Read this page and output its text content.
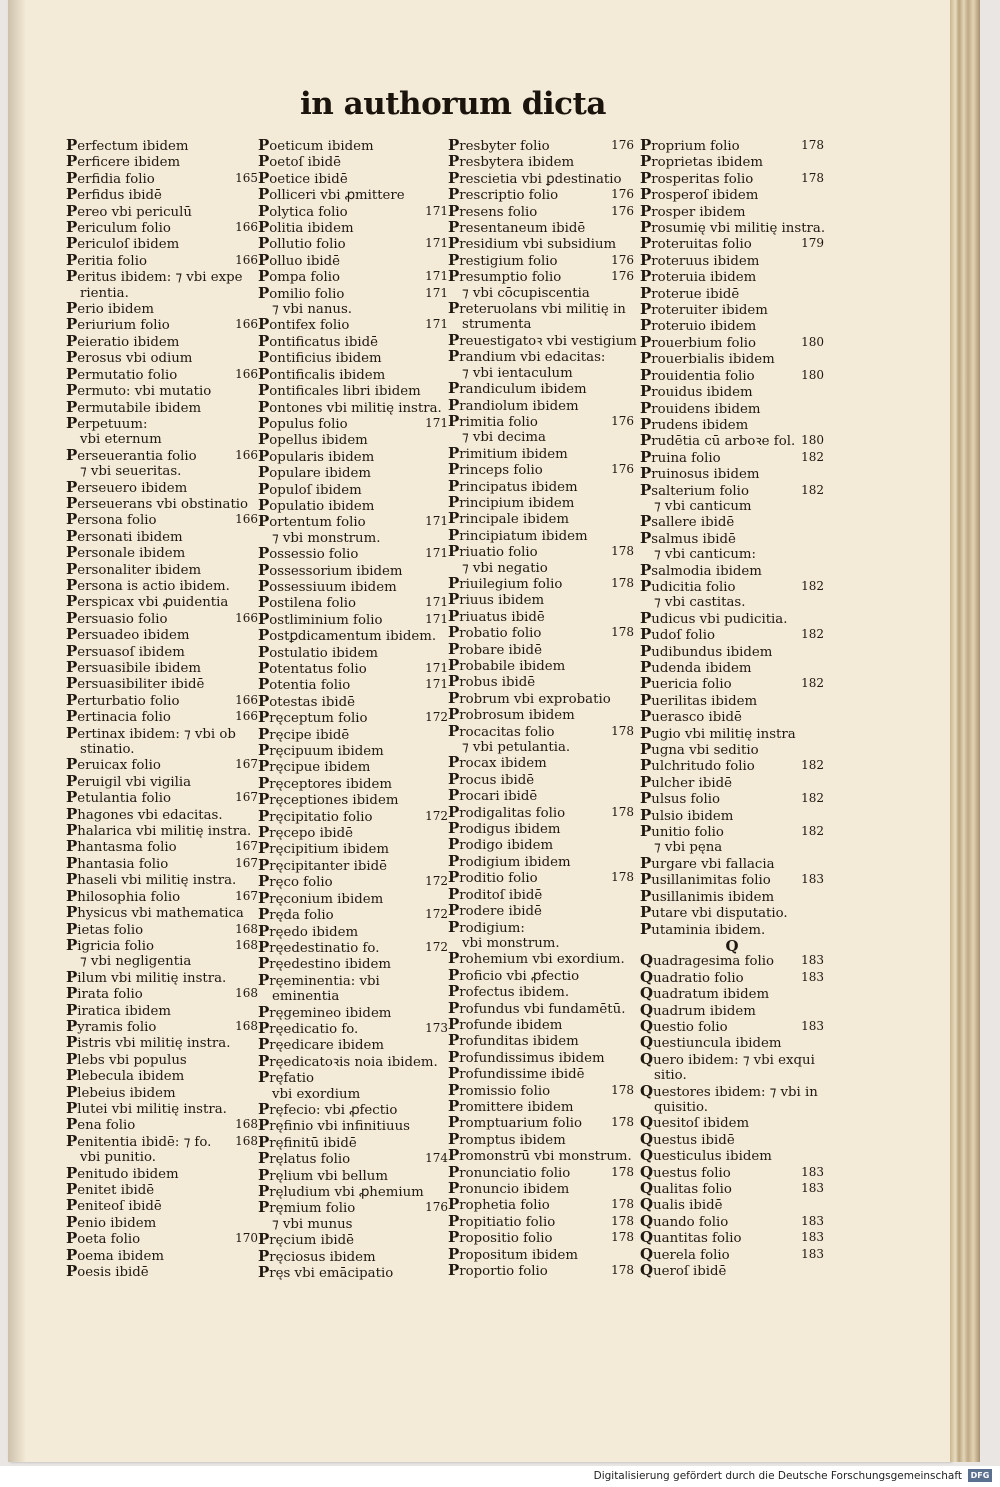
in authorum dicta
Perfectum ibidem
Perficere ibidem
Perfidia folio	165
Perfidus ibidē
Pereo vbi periculū
Periculum folio	166
Periculoſ ibidem
Peritia folio	166
Peritus ibidem: ⁊ vbi expe
rientia.
Perio ibidem
Periurium folio	166
Peieratio ibidem
Perosus vbi odium
Permutatio folio	166
Permuto: vbi mutatio
Permutabile ibidem
Perpetuum:
vbi eternum
Perseuerantia folio	166
⁊ vbi seueritas.
Perseuero ibidem
Perseuerans vbi obstinatio
Persona folio	166
Personati ibidem
Personale ibidem
Personaliter ibidem
Persona is actio ibidem.
Perspicax vbi ꝓuidentia
Persuasio folio	166
Persuadeo ibidem
Persuasoſ ibidem
Persuasibile ibidem
Persuasibiliter ibidē
Perturbatio folio	166
Pertinacia folio	166
Pertinax ibidem: ⁊ vbi ob
stinatio.
Peruicax folio	167
Peruigil vbi vigilia
Petulantia folio	167
Phagones vbi edacitas.
Phalarica vbi militię instra.
Phantasma folio	167
Phantasia folio	167
Phaseli vbi militię instra.
Philosophia folio	167
Physicus vbi mathematica
Pietas folio	168
Pigricia folio	168
⁊ vbi negligentia
Pilum vbi militię instra.
Pirata folio	168
Piratica ibidem
Pyramis folio	168
Pistris vbi militię instra.
Plebs vbi populus
Plebecula ibidem
Plebeius ibidem
Plutei vbi militię instra.
Pena folio	168
Penitentia ibidē: ⁊ fo. 168
vbi punitio.
Penitudo ibidem
Penitet ibidē
Peniteoſ ibidē
Penio ibidem
Poeta folio	170
Poema ibidem
Poesis ibidē
Poeticum ibidem
Poetoſ ibidē
Poetice ibidē
Polliceri vbi ꝓmittere
Polytica folio	171
Politia ibidem
Pollutio folio	171
Polluo ibidē
Pompa folio	171
Pomilio folio	171
⁊ vbi nanus.
Pontifex folio	171
Pontificatus ibidē
Pontificius ibidem
Pontificalis ibidem
Pontificales libri ibidem
Pontones vbi militię instra.
Populus folio	171
Popellus ibidem
Popularis ibidem
Populare ibidem
Populoſ ibidem
Populatio ibidem
Portentum folio	171
⁊ vbi monstrum.
Possessio folio	171
Possessorium ibidem
Possessiuum ibidem
Postilena folio	171
Postliminium folio	171
Postꝑdicamentum ibidem.
Postulatio ibidem
Potentatus folio	171
Potentia folio	171
Potestas ibidē
Pręceptum folio	172
Pręcipe ibidē
Pręcipuum ibidem
Pręcipue ibidem
Pręceptores ibidem
Pręceptiones ibidem
Pręcipitatio folio	172
Pręcepo ibidē
Pręcipitium ibidem
Pręcipitanter ibidē
Pręco folio	172
Pręconium ibidem
Pręda folio	172
Pręedo ibidem
Pręedestinatio fo.	172
Pręedestino ibidem
Pręeminentia: vbi
eminentia
Pręgemineo ibidem
Pręedicatio fo.	173
Pręedicare ibidem
Pręedicatoꝛis noia ibidem.
Pręfatio
vbi exordium
Pręfecio: vbi ꝓfectio
Pręfinio vbi infinitiuus
Pręfinitū ibidē
Pręlatus folio	174
Pręlium vbi bellum
Pręludium vbi ꝓhemium
Pręmium folio	176
⁊ vbi munus
Pręcium ibidē
Pręciosus ibidem
Pręs vbi emācipatio
Presbyter folio	176
Presbytera ibidem
Prescietia vbi ꝑdestinatio
Prescriptio folio	176
Presens folio	176
Presentaneum ibidē
Presidium vbi subsidium
Prestigium folio	176
Presumptio folio	176
⁊ vbi cōcupiscentia
Preteruolans vbi militię in
strumenta
Preuestigatoꝛ vbi vestigium
Prandium vbi edacitas:
⁊ vbi ientaculum
Prandiculum ibidem
Prandiolum ibidem
Primitia folio	176
⁊ vbi decima
Primitium ibidem
Princeps folio	176
Principatus ibidem
Principium ibidem
Principale ibidem
Principiatum ibidem
Priuatio folio	178
⁊ vbi negatio
Priuilegium folio	178
Priuus ibidem
Priuatus ibidē
Probatio folio	178
Probare ibidē
Probabile ibidem
Probus ibidē
Probrum vbi exprobatio
Probrosum ibidem
Procacitas folio	178
⁊ vbi petulantia.
Procax ibidem
Procus ibidē
Procari ibidē
Prodigalitas folio	178
Prodigus ibidem
Prodigo ibidem
Prodigium ibidem
Proditio folio	178
Proditoſ ibidē
Prodere ibidē
Prodigium:
vbi monstrum.
Prohemium vbi exordium.
Proficio vbi ꝓfectio
Profectus ibidem.
Profundus vbi fundamētū.
Profunde ibidem
Profunditas ibidem
Profundissimus ibidem
Profundissime ibidē
Promissio folio	178
Promittere ibidem
Promptuarium folio 178
Promptus ibidem
Promonstrū vbi monstrum.
Pronunciatio folio	178
Pronuncio ibidem
Prophetia folio	178
Propitiatio folio	178
Propositio folio	178
Propositum ibidem
Proportio folio	178
Proprium folio	178
Proprietas ibidem
Prosperitas folio	178
Prosperoſ ibidem
Prosper ibidem
Prosumię vbi militię instra.
Proteruitas folio	179
Proteruus ibidem
Proteruia ibidem
Proterue ibidē
Proteruiter ibidem
Proteruio ibidem
Prouerbium folio	180
Prouerbialis ibidem
Prouidentia folio	180
Prouidus ibidem
Prouidens ibidem
Prudens ibidem
Prudētia cū arboꝛe fol. 180
Pruina folio	182
Pruinosus ibidem
Psalterium folio	182
⁊ vbi canticum
Psallere ibidē
Psalmus ibidē
⁊ vbi canticum:
Psalmodia ibidem
Pudicitia folio	182
⁊ vbi castitas.
Pudicus vbi pudicitia.
Pudoſ folio	182
Pudibundus ibidem
Pudenda ibidem
Puericia folio	182
Puerilitas ibidem
Puerasco ibidē
Pugio vbi militię instra
Pugna vbi seditio
Pulchritudo folio	182
Pulcher ibidē
Pulsus folio	182
Pulsio ibidem
Punitio folio	182
⁊ vbi pęna
Purgare vbi fallacia
Pusillanimitas folio	183
Pusillanimis ibidem
Putare vbi disputatio.
Putaminia ibidem.
Q
Quadragesima folio 183
Quadratio folio	183
Quadratum ibidem
Quadrum ibidem
Questio folio	183
Questiuncula ibidem
Quero ibidem: ⁊ vbi exqui
sitio.
Questores ibidem: ⁊ vbi in
quisitio.
Quesitoſ ibidem
Questus ibidē
Questiculus ibidem
Questus folio	183
Qualitas folio	183
Qualis ibidē
Quando folio	183
Quantitas folio	183
Querela folio	183
Queroſ ibidē
Digitalisierung gefördert durch die Deutsche Forschungsgemeinschaft	DFG
